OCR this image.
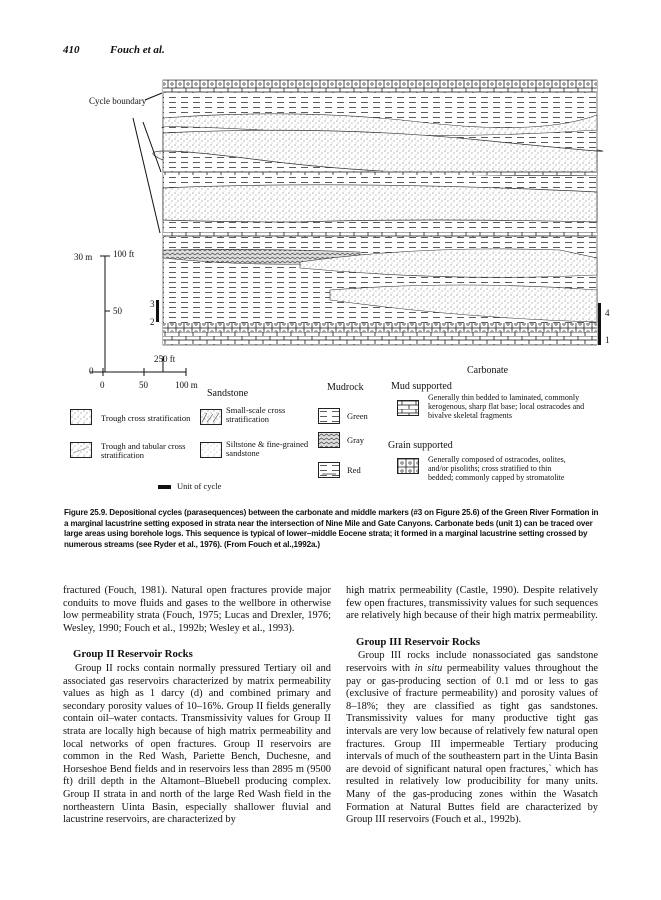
410	Fouch et al.
Cycle boundary
30 m 100 ft
50
0
3
2
4
1
250 ft
0	50	100 m
Sandstone
Trough cross stratification
Trough and tabular cross stratification
Small-scale cross stratification
Siltstone & fine-grained sandstone
Unit of cycle
Mudrock
Green
Gray
Red
Carbonate
Mud supported
Generally thin bedded to laminated, commonly kerogenous, sharp flat base; local ostracodes and bivalve skeletal fragments
Grain supported
Generally composed of ostracodes, oolites, and/or pisoliths; cross stratified to thin bedded; commonly capped by stromatolite
Figure 25.9. Depositional cycles (parasequences) between the carbonate and middle markers (#3 on Figure 25.6) of the Green River Formation in a marginal lacustrine setting exposed in strata near the intersection of Nine Mile and Gate Canyons. Carbonate beds (unit 1) can be traced over large areas using borehole logs. This sequence is typical of lower–middle Eocene strata; it formed in a marginal lacustrine setting crossed by numerous streams (see Ryder et al., 1976). (From Fouch et al.,1992a.)

fractured (Fouch, 1981). Natural open fractures provide major conduits to move fluids and gases to the wellbore in otherwise low permeability strata (Fouch, 1975; Lucas and Drexler, 1976; Wesley, 1990; Fouch et al., 1992b; Wesley et al., 1993).

Group II Reservoir Rocks

Group II rocks contain normally pressured Tertiary oil and associated gas reservoirs characterized by matrix permeability values as high as 1 darcy (d) and combined primary and secondary porosity values of 10–16%. Group II fields generally contain oil–water contacts. Transmissivity values for Group II strata are locally high because of high matrix permeability and local networks of open fractures. Group II reservoirs are common in the Red Wash, Pariette Bench, Duchesne, and Horseshoe Bend fields and in reservoirs less than 2895 m (9500 ft) drill depth in the Altamont–Bluebell producing complex. Group II strata in and north of the large Red Wash field in the northeastern Uinta Basin, especially shallower fluvial and lacustrine reservoirs, are characterized by

high matrix permeability (Castle, 1990). Despite relatively few open fractures, transmissivity values for such sequences are relatively high because of their high matrix permeability.

Group III Reservoir Rocks

Group III rocks include nonassociated gas sandstone reservoirs with in situ permeability values throughout the pay or gas-producing section of 0.1 md or less to gas (exclusive of fracture permeability) and porosity values of 8–18%; they are classified as tight gas sandstones. Transmissivity values for many productive tight gas intervals are very low because of relatively few natural open fractures. Group III impermeable Tertiary producing intervals of much of the southeastern part in the Uinta Basin are devoid of significant natural open fractures,` which has resulted in relatively low producibility for many units. Many of the gas-producing zones within the Wasatch Formation at Natural Buttes field are characterized by Group III reservoirs (Fouch et al., 1992b).
